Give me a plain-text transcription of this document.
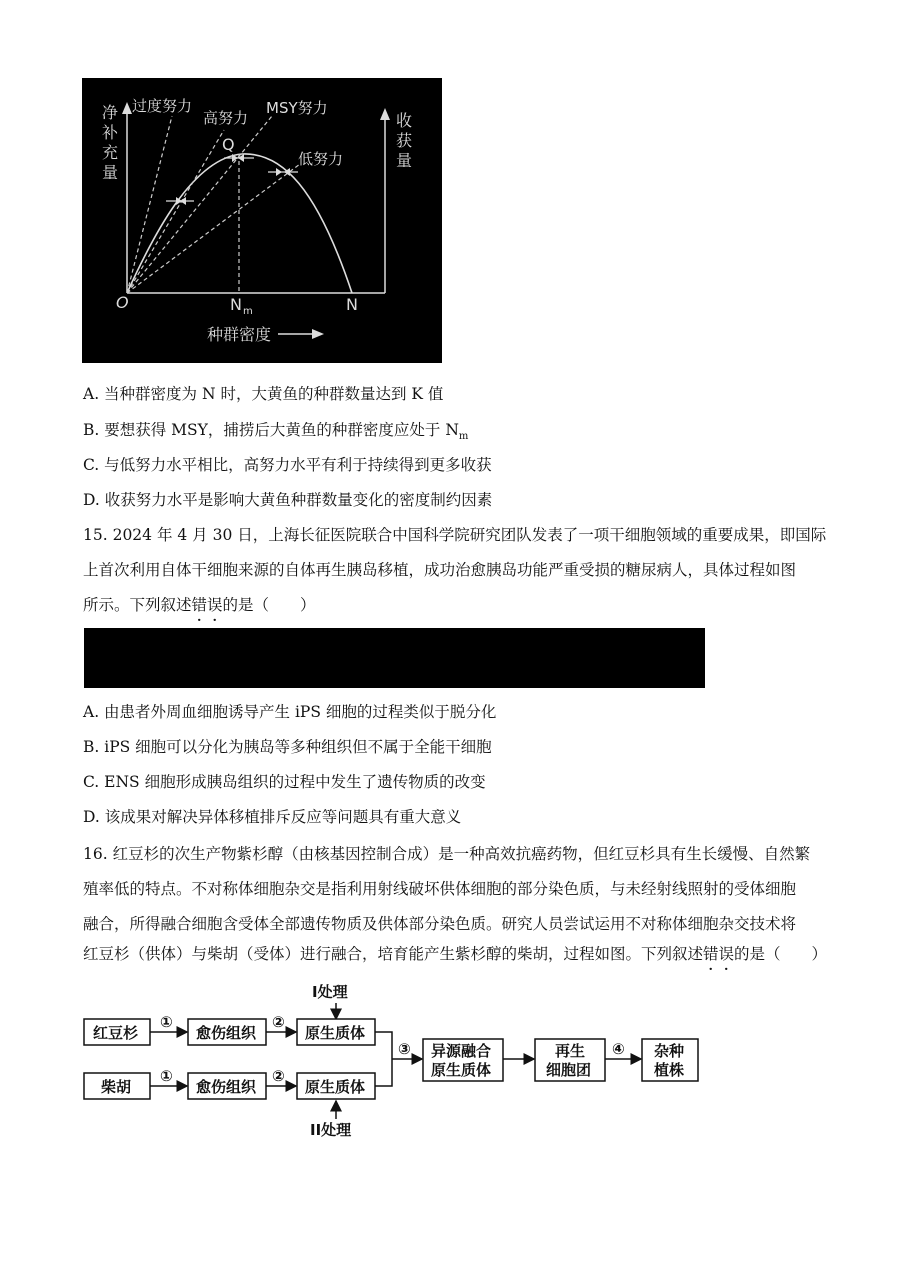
净
补
充
量
收
获
量
过度努力
高努力
MSY努力
低努力
Q
O	N m	N
种群密度
A. 当种群密度为 N 时，大黄鱼的种群数量达到 K 值
B. 要想获得 MSY，捕捞后大黄鱼的种群密度应处于 $N_m$
C. 与低努力水平相比，高努力水平有利于持续得到更多收获
D. 收获努力水平是影响大黄鱼种群数量变化的密度制约因素
15. 2024 年 4 月 30 日，上海长征医院联合中国科学院研究团队发表了一项干细胞领域的重要成果，即国际
上首次利用自体干细胞来源的自体再生胰岛移植，成功治愈胰岛功能严重受损的糖尿病人，具体过程如图
所示。下列叙述错误的是（　　）
A. 由患者外周血细胞诱导产生 iPS 细胞的过程类似于脱分化
B. iPS 细胞可以分化为胰岛等多种组织但不属于全能干细胞
C. ENS 细胞形成胰岛组织的过程中发生了遗传物质的改变
D. 该成果对解决异体移植排斥反应等问题具有重大意义
16. 红豆杉的次生产物紫杉醇（由核基因控制合成）是一种高效抗癌药物，但红豆杉具有生长缓慢、自然繁
殖率低的特点。不对称体细胞杂交是指利用射线破坏供体细胞的部分染色质，与未经射线照射的受体细胞
融合，所得融合细胞含受体全部遗传物质及供体部分染色质。研究人员尝试运用不对称体细胞杂交技术将
红豆杉（供体）与柴胡（受体）进行融合，培育能产生紫杉醇的柴胡，过程如图。下列叙述错误的是（　　）
I处理
红豆杉
①
愈伤组织
②
原生质体
柴胡
①
愈伤组织
②
原生质体
II处理
③ 异源融合
原生质体
再生
细胞团
④ 杂种
植株
